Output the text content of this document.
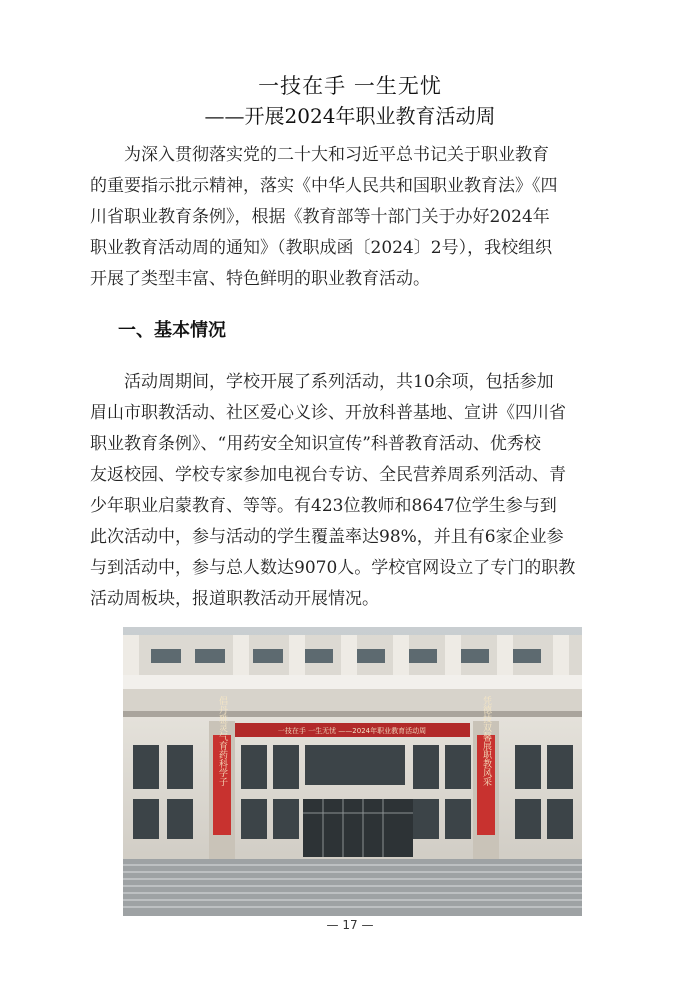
一技在手 一生无忧
——开展2024年职业教育活动周
为深入贯彻落实党的二十大和习近平总书记关于职业教育
的重要指示批示精神，落实《中华人民共和国职业教育法》《四
川省职业教育条例》，根据《教育部等十部门关于办好2024年
职业教育活动周的通知》（教职成函〔2024〕2号），我校组织
开展了类型丰富、特色鲜明的职业教育活动。
一、基本情况
活动周期间，学校开展了系列活动，共10余项，包括参加
眉山市职教活动、社区爱心义诊、开放科普基地、宣讲《四川省
职业教育条例》、“用药安全知识宣传”科普教育活动、优秀校
友返校园、学校专家参加电视台专访、全民营养周系列活动、青
少年职业启蒙教育、等等。有423位教师和8647位学生参与到
此次活动中，参与活动的学生覆盖率达98%，并且有6家企业参
与到活动中，参与总人数达9070人。学校官网设立了专门的职教
活动周板块，报道职教活动开展情况。
一技在手 一生无忧 ——2024年职业教育活动周
倡丹雅灵气育药科学子	凭德技双馨展职教风采
— 17 —
